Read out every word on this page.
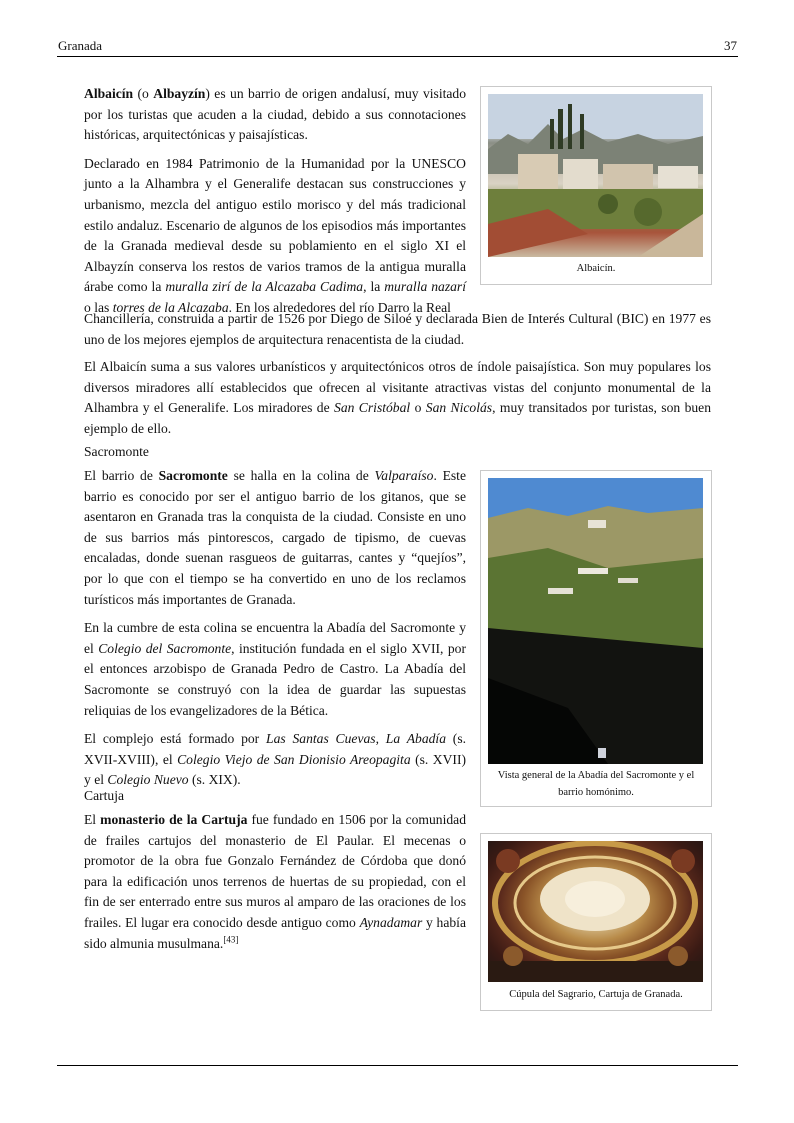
Granada	37

Albaicín (o Albayzín) es un barrio de origen andalusí, muy visitado por los turistas que acuden a la ciudad, debido a sus connotaciones históricas, arquitectónicas y paisajísticas.

Declarado en 1984 Patrimonio de la Humanidad por la UNESCO junto a la Alhambra y el Generalife destacan sus construcciones y urbanismo, mezcla del antiguo estilo morisco y del más tradicional estilo andaluz. Escenario de algunos de los episodios más importantes de la Granada medieval desde su poblamiento en el siglo XI el Albayzín conserva los restos de varios tramos de la antigua muralla árabe como la muralla zirí de la Alcazaba Cadima, la muralla nazarí o las torres de la Alcazaba. En los alrededores del río Darro la Real

Chancillería, construida a partir de 1526 por Diego de Siloé y declarada Bien de Interés Cultural (BIC) en 1977 es uno de los mejores ejemplos de arquitectura renacentista de la ciudad.

El Albaicín suma a sus valores urbanísticos y arquitectónicos otros de índole paisajística. Son muy populares los diversos miradores allí establecidos que ofrecen al visitante atractivas vistas del conjunto monumental de la Alhambra y el Generalife. Los miradores de San Cristóbal o San Nicolás, muy transitados por turistas, son buen ejemplo de ello.

Albaicín.
Sacromonte

El barrio de Sacromonte se halla en la colina de Valparaíso. Este barrio es conocido por ser el antiguo barrio de los gitanos, que se asentaron en Granada tras la conquista de la ciudad. Consiste en uno de sus barrios más pintorescos, cargado de tipismo, de cuevas encaladas, donde suenan rasgueos de guitarras, cantes y “quejíos”, por lo que con el tiempo se ha convertido en uno de los reclamos turísticos más importantes de Granada.

En la cumbre de esta colina se encuentra la Abadía del Sacromonte y el Colegio del Sacromonte, institución fundada en el siglo XVII, por el entonces arzobispo de Granada Pedro de Castro. La Abadía del Sacromonte se construyó con la idea de guardar las supuestas reliquias de los evangelizadores de la Bética.

El complejo está formado por Las Santas Cuevas, La Abadía (s. XVII-XVIII), el Colegio Viejo de San Dionisio Areopagita (s. XVII) y el Colegio Nuevo (s. XIX).	Vista general de la Abadía del Sacromonte y el barrio homónimo.
Cartuja

El monasterio de la Cartuja fue fundado en 1506 por la comunidad de frailes cartujos del monasterio de El Paular. El mecenas o promotor de la obra fue Gonzalo Fernández de Córdoba que donó para la edificación unos terrenos de huertas de su propiedad, con el fin de ser enterrado entre sus muros al amparo de las oraciones de los frailes. El lugar era conocido desde antiguo como Aynadamar y había sido almunia musulmana.[43]

Cúpula del Sagrario, Cartuja de Granada.
